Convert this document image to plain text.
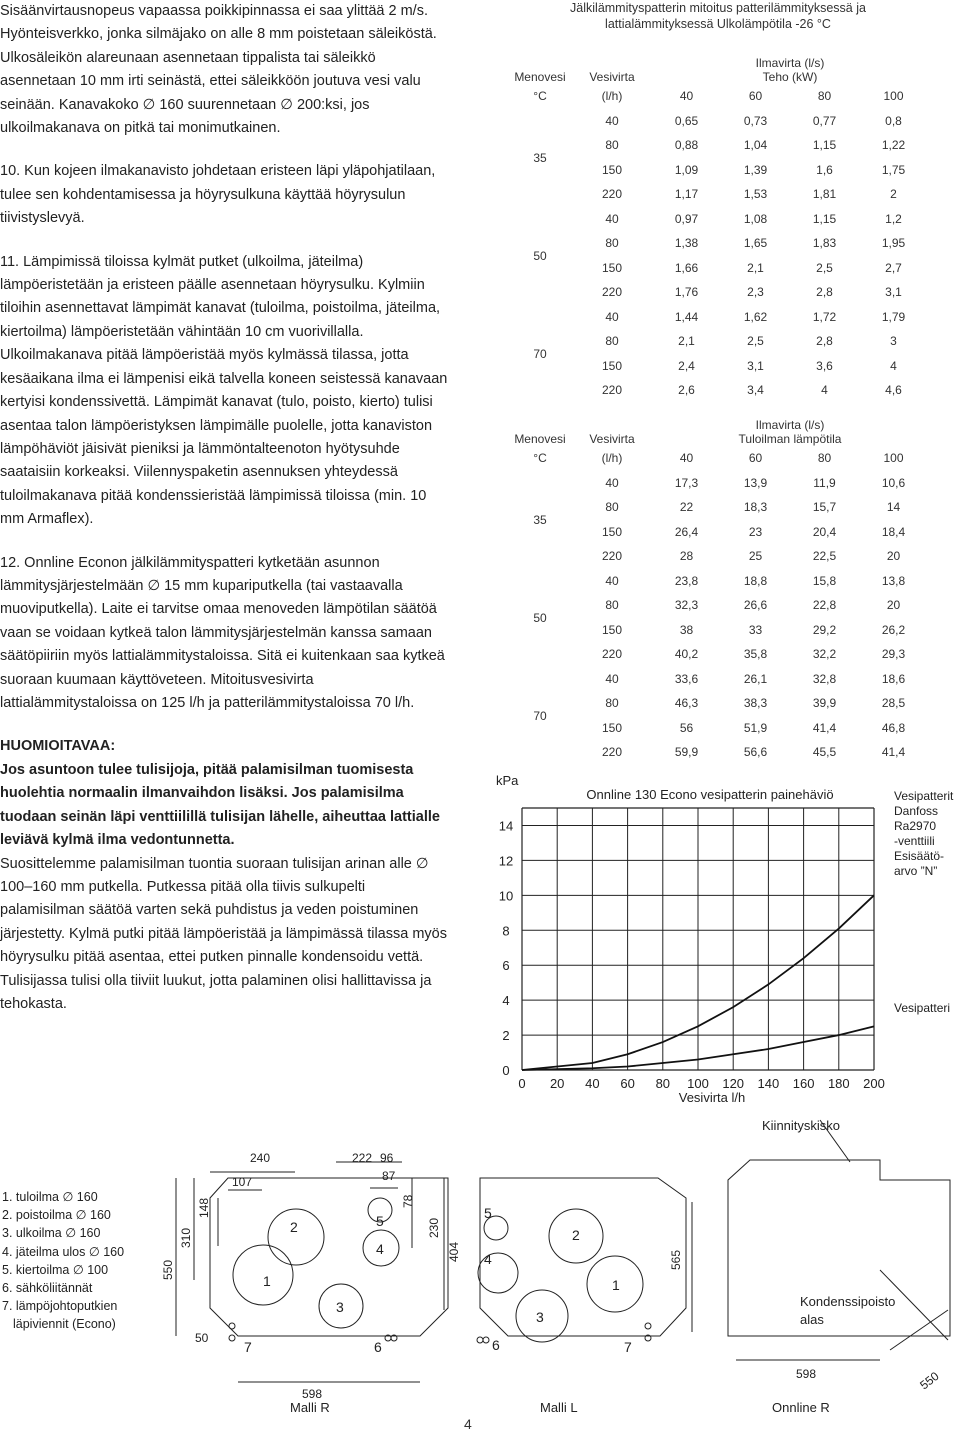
Sisäänvirtausnopeus vapaassa poikkipinnassa ei saa ylittää 2 m/s. Hyönteisverkko, jonka silmäjako on alle 8 mm poistetaan säleiköstä. Ulkosäleikön alareunaan asennetaan tippalista tai säleikkö asennetaan 10 mm irti seinästä, ettei säleikköön joutuva vesi valu seinään. Kanavakoko ∅ 160 suurennetaan ∅ 200:ksi, jos ulkoilmakanava on pitkä tai monimutkainen.

10. Kun kojeen ilmakanavisto johdetaan eristeen läpi yläpohjatilaan, tulee sen kohdentamisessa ja höyrysulkuna käyttää höyrysulun tiivistyslevyä.

11. Lämpimissä tiloissa kylmät putket (ulkoilma, jäteilma) lämpöeristetään ja eristeen päälle asennetaan höyrysulku. Kylmiin tiloihin asennettavat lämpimät kanavat (tuloilma, poistoilma, jäteilma, kiertoilma) lämpöeristetään vähintään 10 cm vuorivillalla. Ulkoilmakanava pitää lämpöeristää myös kylmässä tilassa, jotta kesäaikana ilma ei lämpenisi eikä talvella koneen seistessä kanavaan kertyisi kondenssivettä. Lämpimät kanavat (tulo, poisto, kierto) tulisi asentaa talon lämpöeristyksen lämpimälle puolelle, jotta kanaviston lämpöhäviöt jäisivät pieniksi ja lämmöntalteenoton hyötysuhde saataisiin korkeaksi. Viilennyspaketin asennuksen yhteydessä tuloilmakanava pitää kondenssieristää lämpimissä tiloissa (min. 10 mm Armaflex).

12. Onnline Econon jälkilämmityspatteri kytketään asunnon lämmitysjärjestelmään ∅ 15 mm kupariputkella (tai vastaavalla muoviputkella). Laite ei tarvitse omaa menoveden lämpötilan säätöä vaan se voidaan kytkeä talon lämmitysjärjestelmän kanssa samaan säätöpiiriin myös lattialämmitystaloissa. Sitä ei kuitenkaan saa kytkeä suoraan kuumaan käyttöveteen. Mitoitusvesivirta lattialämmitystaloissa on 125 l/h ja patterilämmitystaloissa 70 l/h.

HUOMIOITAVAA:

Jos asuntoon tulee tulisijoja, pitää palamisilman tuomisesta huolehtia normaalin ilmanvaihdon lisäksi. Jos palamisilma tuodaan seinän läpi venttiilillä tulisijan lähelle, aiheuttaa lattialle leviävä kylmä ilma vedontunnetta.

Suosittelemme palamisilman tuontia suoraan tulisijan arinan alle ∅ 100–160 mm putkella. Putkessa pitää olla tiivis sulkupelti palamisilman säätöä varten sekä puhdistus ja veden poistuminen järjestetty. Kylmä putki pitää lämpöeristää ja lämpimässä tilassa myös höyrysulku pitää asentaa, ettei putken pinnalle kondensoidu vettä. Tulisijassa tulisi olla tiiviit luukut, jotta palaminen olisi hallittavissa ja tehokasta.

Jälkilämmityspatterin mitoitus patterilämmityksessä ja
lattialämmityksessä Ulkolämpötila -26 °C
Menovesi	Vesivirta	Ilmavirta (l/s)
Teho (kW)			

°C	(l/h)	40	60	80	100
35	40	0,65	0,73	0,77	0,8
	80	0,88	1,04	1,15	1,22
	150	1,09	1,39	1,6	1,75
	220	1,17	1,53	1,81	2
50	40	0,97	1,08	1,15	1,2
	80	1,38	1,65	1,83	1,95
	150	1,66	2,1	2,5	2,7
	220	1,76	2,3	2,8	3,1
70	40	1,44	1,62	1,72	1,79
	80	2,1	2,5	2,8	3
	150	2,4	3,1	3,6	4
	220	2,6	3,4	4	4,6
Menovesi	Vesivirta	Ilmavirta (l/s)
Tuloilman lämpötila			

°C	(l/h)	40	60	80	100
35	40	17,3	13,9	11,9	10,6
	80	22	18,3	15,7	14
	150	26,4	23	20,4	18,4
	220	28	25	22,5	20
50	40	23,8	18,8	15,8	13,8
	80	32,3	26,6	22,8	20
	150	38	33	29,2	26,2
	220	40,2	35,8	32,2	29,3
70	40	33,6	26,1	32,8	18,6
	80	46,3	38,3	39,9	28,5
	150	56	51,9	41,4	46,8
	220	59,9	56,6	45,5	41,4
kPa
Onnline 130 Econo vesipatterin painehäviö
0
2
4
6
8
10
12
14
0 20 40 60 80 100 120 140 160 180 200
Vesivirta l/h
Vesipatterit
Danfoss
Ra2970
-venttiili
Esisäätö-
arvo ”N”
Vesipatteri
1. tuloilma ∅ 160
2. poistoilma ∅ 160
3. ulkoilma ∅ 160
4. jäteilma ulos ∅ 160
5. kiertoilma ∅ 100
6. sähköliitännät
7. lämpöjohtoputkien
läpiviennit (Econo)
240	222 96
87
107
78
148
310
550
230
404
50
598
565
598	550
1
2
3
4
5
6
7
5
4
3
2
1
6	7
Malli R	Malli L	Onnline R
Kiinnityskisko
Kondenssipoisto
alas
4
